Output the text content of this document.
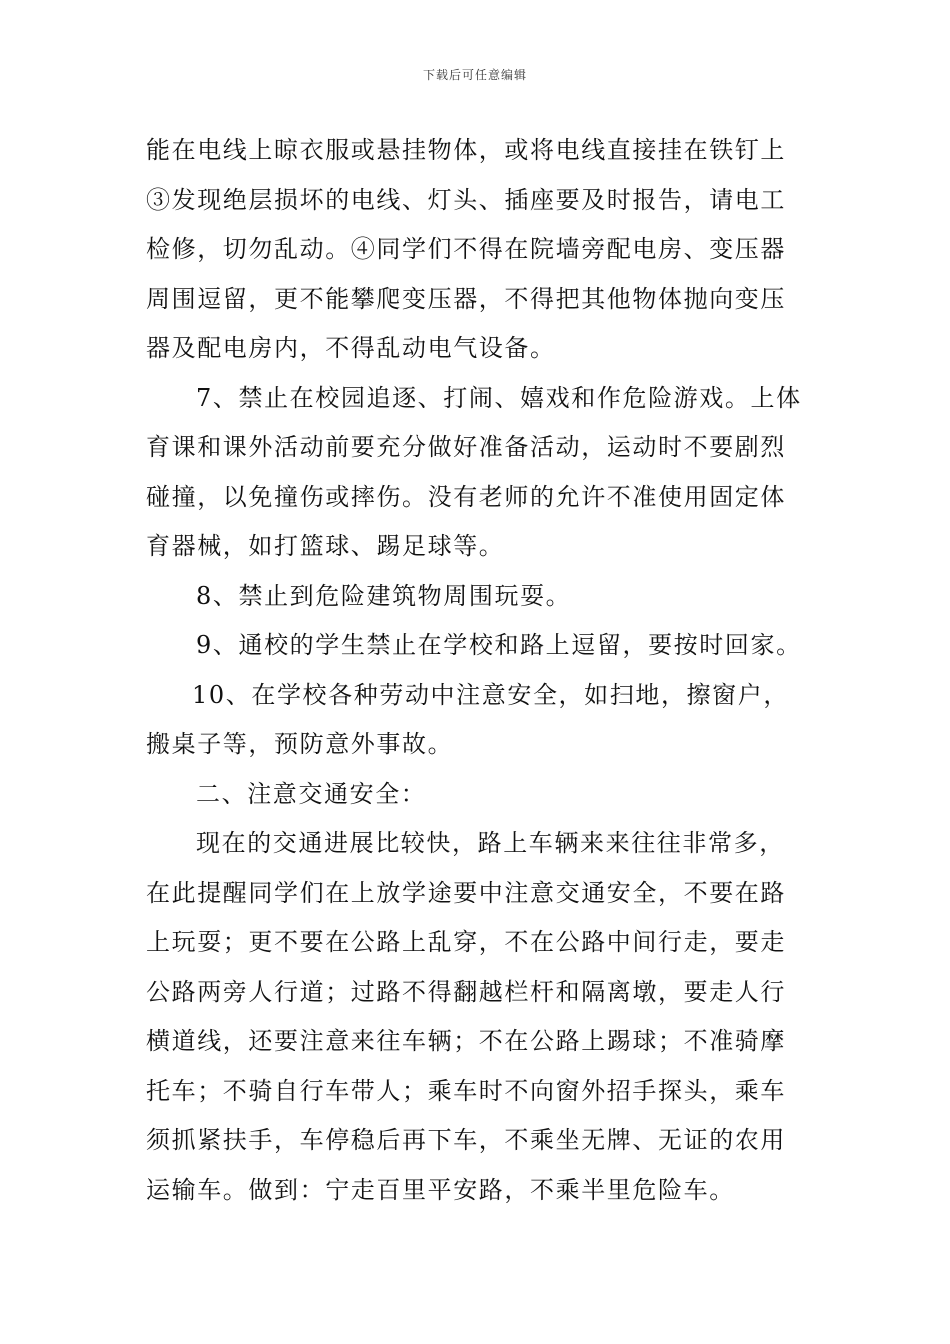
下载后可任意编辑
能在电线上晾衣服或悬挂物体，或将电线直接挂在铁钉上
③发现绝层损坏的电线、灯头、插座要及时报告，请电工
检修，切勿乱动。④同学们不得在院墙旁配电房、变压器
周围逗留，更不能攀爬变压器，不得把其他物体抛向变压
器及配电房内，不得乱动电气设备。
7、禁止在校园追逐、打闹、嬉戏和作危险游戏。上体
育课和课外活动前要充分做好准备活动，运动时不要剧烈
碰撞，以免撞伤或摔伤。没有老师的允许不准使用固定体
育器械，如打篮球、踢足球等。
8、禁止到危险建筑物周围玩耍。
9、通校的学生禁止在学校和路上逗留，要按时回家。
10、在学校各种劳动中注意安全，如扫地，擦窗户，
搬桌子等，预防意外事故。
二、注意交通安全：
现在的交通进展比较快，路上车辆来来往往非常多，
在此提醒同学们在上放学途要中注意交通安全，不要在路
上玩耍；更不要在公路上乱穿，不在公路中间行走，要走
公路两旁人行道；过路不得翻越栏杆和隔离墩，要走人行
横道线，还要注意来往车辆；不在公路上踢球；不准骑摩
托车；不骑自行车带人；乘车时不向窗外招手探头，乘车
须抓紧扶手，车停稳后再下车，不乘坐无牌、无证的农用
运输车。做到：宁走百里平安路，不乘半里危险车。
